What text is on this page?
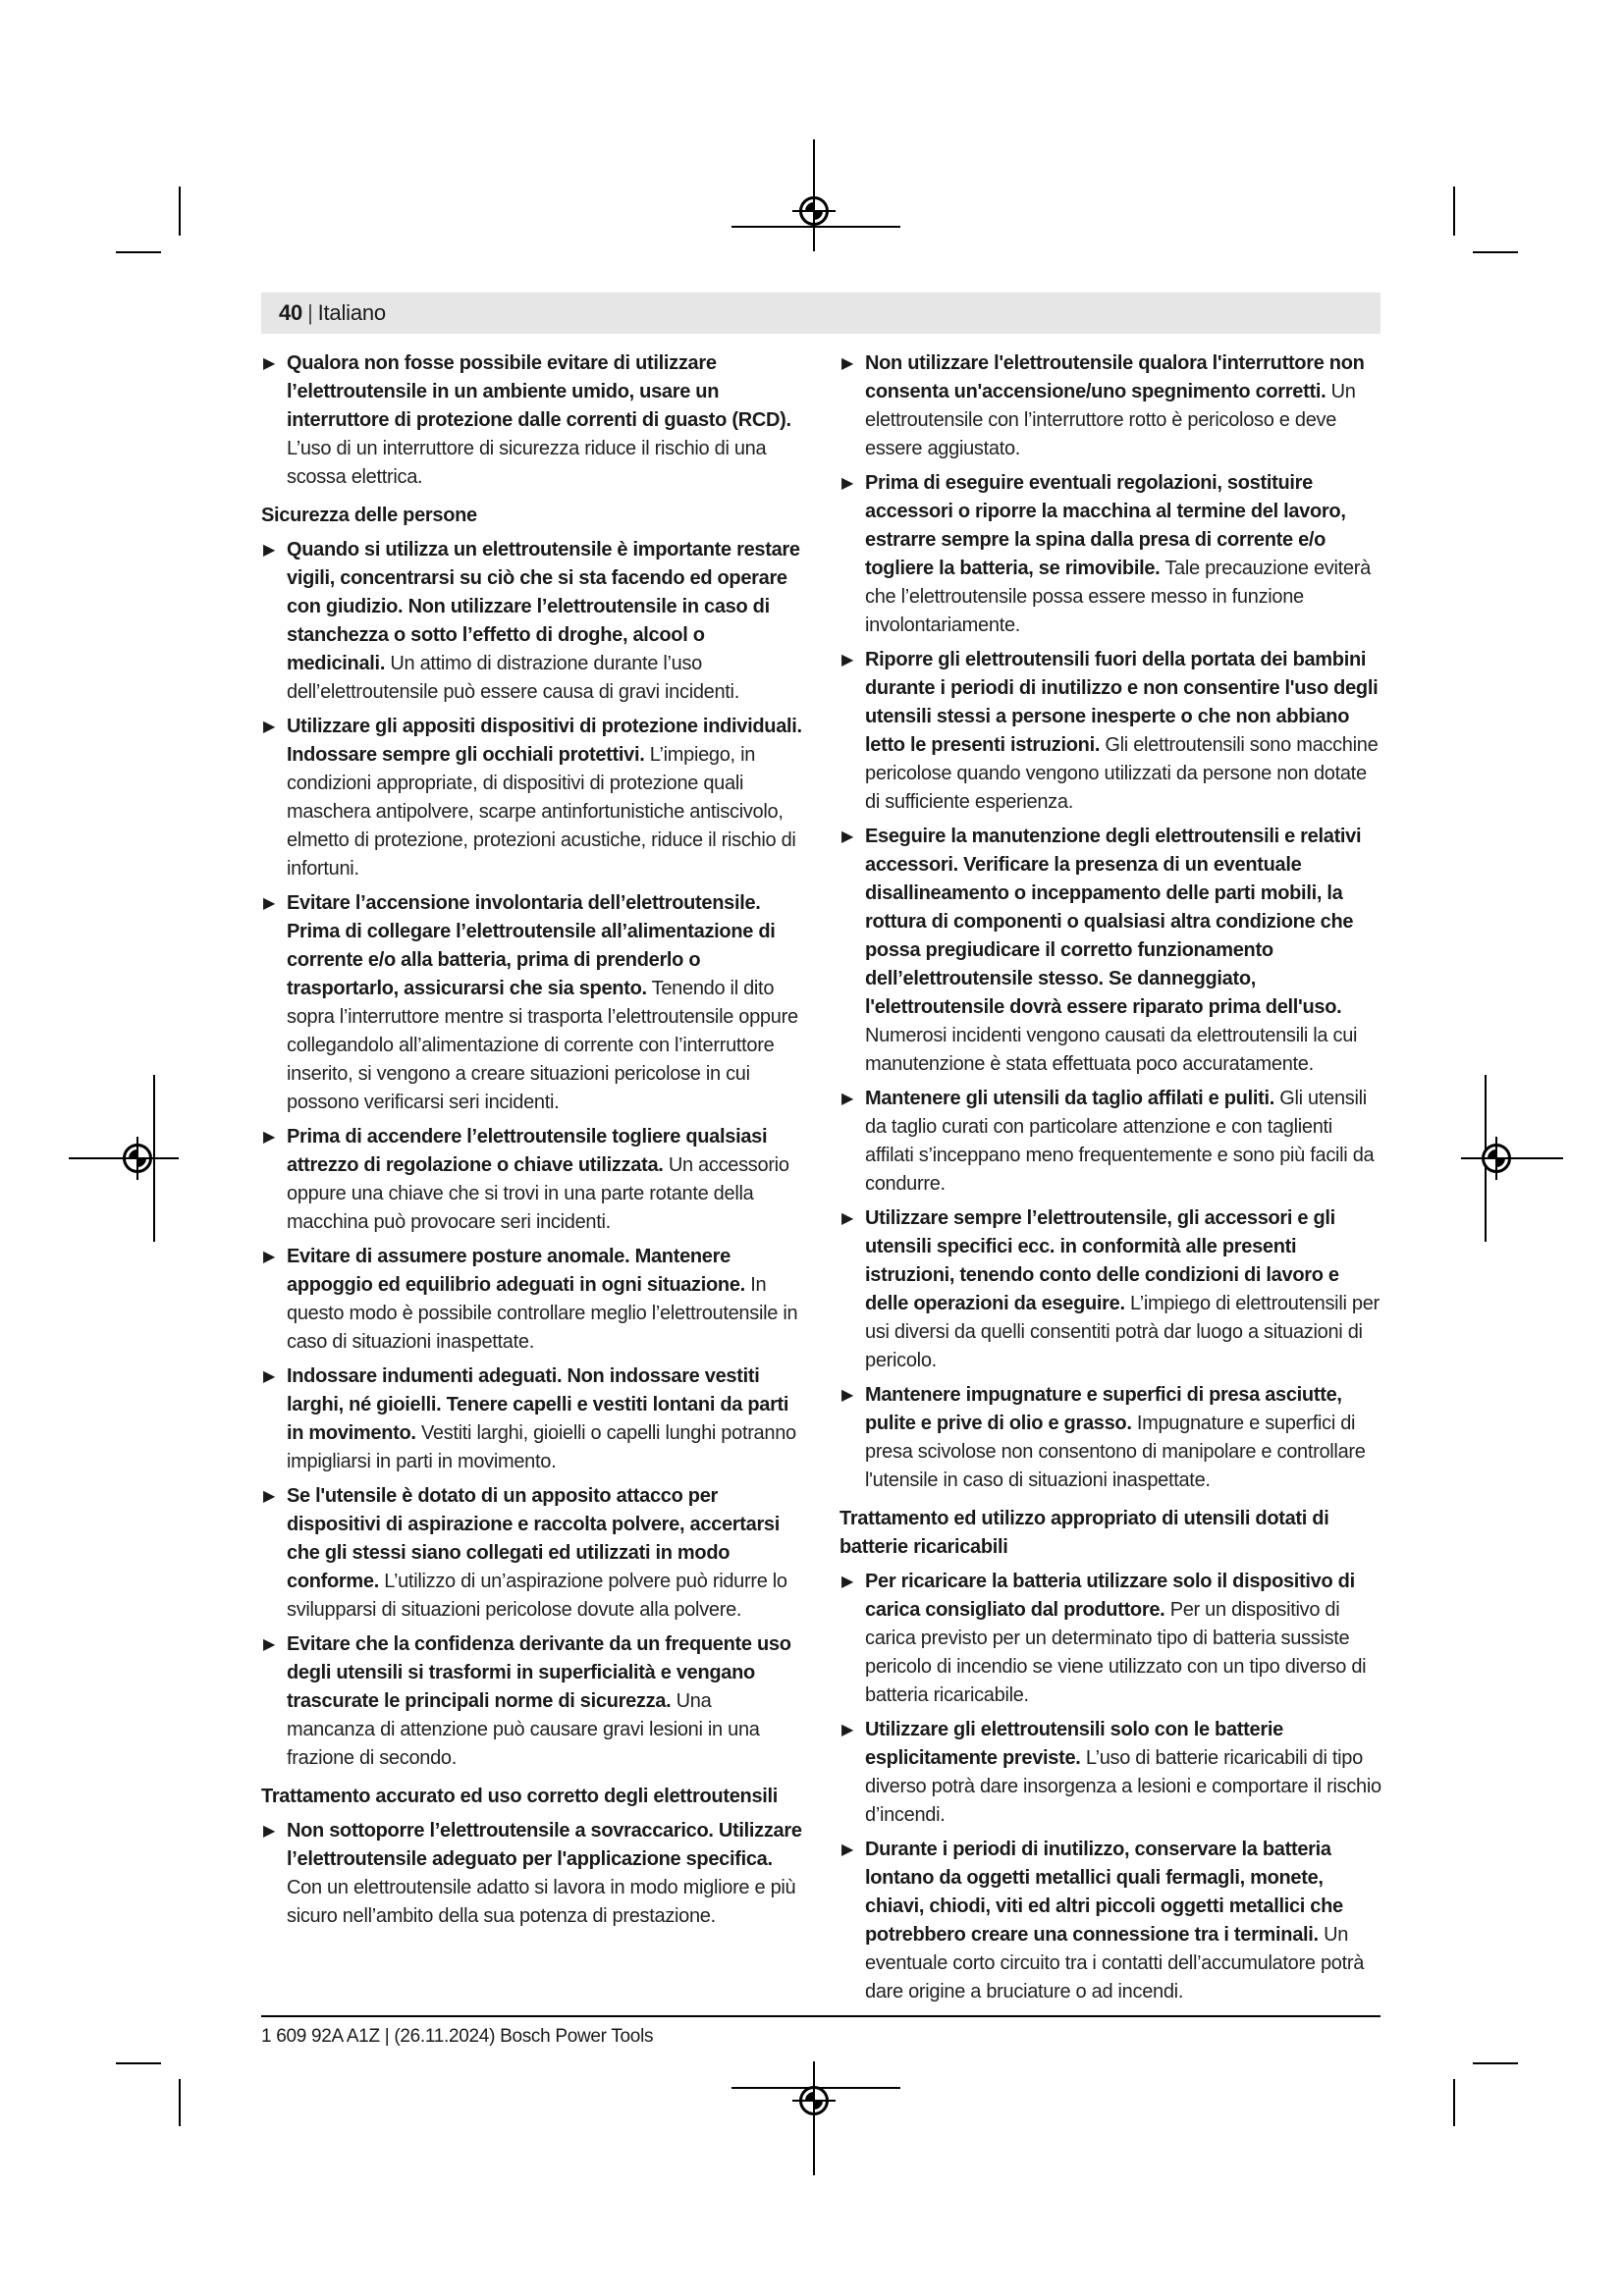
40 | Italiano
▶ Qualora non fosse possibile evitare di utilizzare l’elettroutensile in un ambiente umido, usare un interruttore di protezione dalle correnti di guasto (RCD). L’uso di un interruttore di sicurezza riduce il rischio di una scossa elettrica.
Sicurezza delle persone
▶ Quando si utilizza un elettroutensile è importante restare vigili, concentrarsi su ciò che si sta facendo ed operare con giudizio. Non utilizzare l’elettroutensile in caso di stanchezza o sotto l’effetto di droghe, alcool o medicinali. Un attimo di distrazione durante l’uso dell’elettroutensile può essere causa di gravi incidenti.
▶ Utilizzare gli appositi dispositivi di protezione individuali. Indossare sempre gli occhiali protettivi. L’impiego, in condizioni appropriate, di dispositivi di protezione quali maschera antipolvere, scarpe antinfortunistiche antiscivolo, elmetto di protezione, protezioni acustiche, riduce il rischio di infortuni.
▶ Evitare l’accensione involontaria dell’elettroutensile. Prima di collegare l’elettroutensile all’alimentazione di corrente e/o alla batteria, prima di prenderlo o trasportarlo, assicurarsi che sia spento. Tenendo il dito sopra l’interruttore mentre si trasporta l’elettroutensile oppure collegandolo all’alimentazione di corrente con l’interruttore inserito, si vengono a creare situazioni pericolose in cui possono verificarsi seri incidenti.
▶ Prima di accendere l’elettroutensile togliere qualsiasi attrezzo di regolazione o chiave utilizzata. Un accessorio oppure una chiave che si trovi in una parte rotante della macchina può provocare seri incidenti.
▶ Evitare di assumere posture anomale. Mantenere appoggio ed equilibrio adeguati in ogni situazione. In questo modo è possibile controllare meglio l’elettroutensile in caso di situazioni inaspettate.
▶ Indossare indumenti adeguati. Non indossare vestiti larghi, né gioielli. Tenere capelli e vestiti lontani da parti in movimento. Vestiti larghi, gioielli o capelli lunghi potranno impigliarsi in parti in movimento.
▶ Se l'utensile è dotato di un apposito attacco per dispositivi di aspirazione e raccolta polvere, accertarsi che gli stessi siano collegati ed utilizzati in modo conforme. L’utilizzo di un’aspirazione polvere può ridurre lo svilupparsi di situazioni pericolose dovute alla polvere.
▶ Evitare che la confidenza derivante da un frequente uso degli utensili si trasformi in superficialità e vengano trascurate le principali norme di sicurezza. Una mancanza di attenzione può causare gravi lesioni in una frazione di secondo.
Trattamento accurato ed uso corretto degli elettroutensili
▶ Non sottoporre l’elettroutensile a sovraccarico. Utilizzare l’elettroutensile adeguato per l'applicazione specifica. Con un elettroutensile adatto si lavora in modo migliore e più sicuro nell’ambito della sua potenza di prestazione.
▶ Non utilizzare l'elettroutensile qualora l'interruttore non consenta un'accensione/uno spegnimento corretti. Un elettroutensile con l’interruttore rotto è pericoloso e deve essere aggiustato.
▶ Prima di eseguire eventuali regolazioni, sostituire accessori o riporre la macchina al termine del lavoro, estrarre sempre la spina dalla presa di corrente e/o togliere la batteria, se rimovibile. Tale precauzione eviterà che l’elettroutensile possa essere messo in funzione involontariamente.
▶ Riporre gli elettroutensili fuori della portata dei bambini durante i periodi di inutilizzo e non consentire l'uso degli utensili stessi a persone inesperte o che non abbiano letto le presenti istruzioni. Gli elettroutensili sono macchine pericolose quando vengono utilizzati da persone non dotate di sufficiente esperienza.
▶ Eseguire la manutenzione degli elettroutensili e relativi accessori. Verificare la presenza di un eventuale disallineamento o inceppamento delle parti mobili, la rottura di componenti o qualsiasi altra condizione che possa pregiudicare il corretto funzionamento dell’elettroutensile stesso. Se danneggiato, l'elettroutensile dovrà essere riparato prima dell'uso. Numerosi incidenti vengono causati da elettroutensili la cui manutenzione è stata effettuata poco accuratamente.
▶ Mantenere gli utensili da taglio affilati e puliti. Gli utensili da taglio curati con particolare attenzione e con taglienti affilati s’inceppano meno frequentemente e sono più facili da condurre.
▶ Utilizzare sempre l’elettroutensile, gli accessori e gli utensili specifici ecc. in conformità alle presenti istruzioni, tenendo conto delle condizioni di lavoro e delle operazioni da eseguire. L’impiego di elettroutensili per usi diversi da quelli consentiti potrà dar luogo a situazioni di pericolo.
▶ Mantenere impugnature e superfici di presa asciutte, pulite e prive di olio e grasso. Impugnature e superfici di presa scivolose non consentono di manipolare e controllare l'utensile in caso di situazioni inaspettate.
Trattamento ed utilizzo appropriato di utensili dotati di batterie ricaricabili
▶ Per ricaricare la batteria utilizzare solo il dispositivo di carica consigliato dal produttore. Per un dispositivo di carica previsto per un determinato tipo di batteria sussiste pericolo di incendio se viene utilizzato con un tipo diverso di batteria ricaricabile.
▶ Utilizzare gli elettroutensili solo con le batterie esplicitamente previste. L’uso di batterie ricaricabili di tipo diverso potrà dare insorgenza a lesioni e comportare il rischio d’incendi.
▶ Durante i periodi di inutilizzo, conservare la batteria lontano da oggetti metallici quali fermagli, monete, chiavi, chiodi, viti ed altri piccoli oggetti metallici che potrebbero creare una connessione tra i terminali. Un eventuale corto circuito tra i contatti dell’accumulatore potrà dare origine a bruciature o ad incendi.
1 609 92A A1Z | (26.11.2024) Bosch Power Tools
